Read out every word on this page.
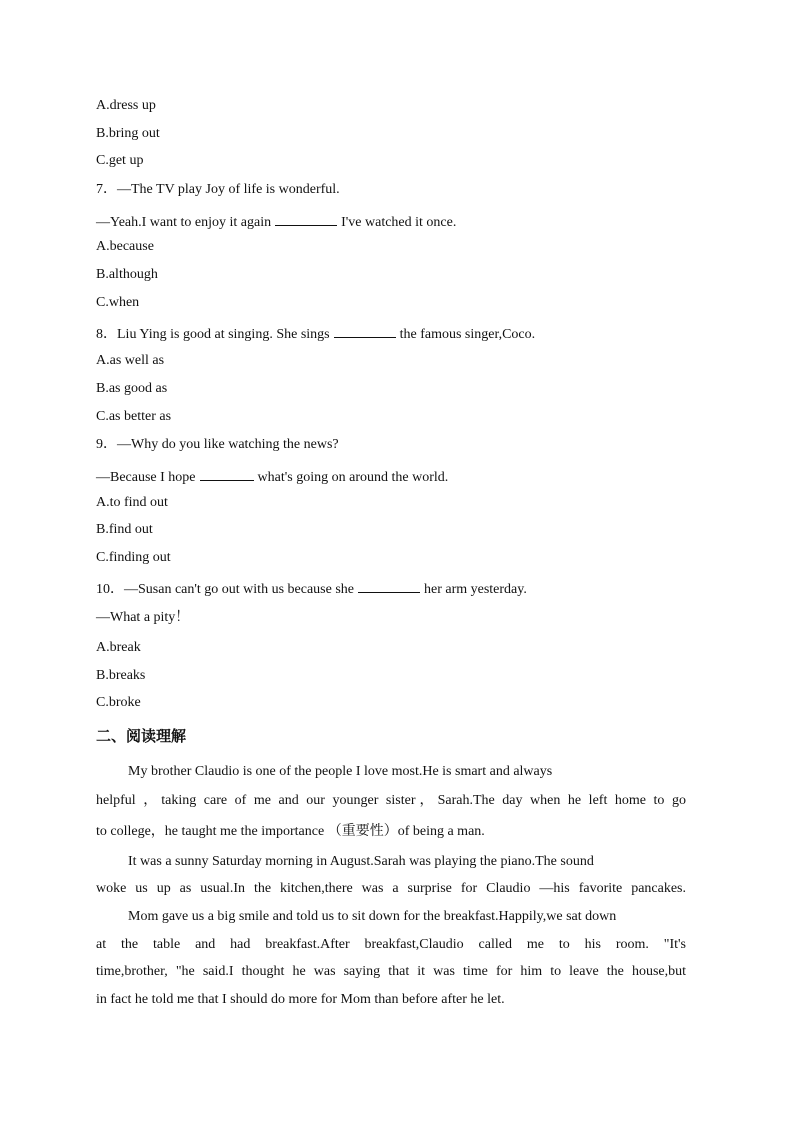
A.dress up
B.bring out
C.get up
7．—The TV play Joy of life is wonderful.
—Yeah.I want to enjoy it again	I've watched it once.
A.because
B.although
C.when
8．Liu Ying is good at singing. She sings	the famous singer,Coco.
A.as well as
B.as good as
C.as better as
9．—Why do you like watching the news?
—Because I hope	what's going on around the world.
A.to find out
B.find out
C.finding out
10．—Susan can't go out with us because she	her arm yesterday.
—What a pity！
A.break
B.breaks
C.broke
二、阅读理解
My brother Claudio is one of the people I love most.He is smart and always
helpful ，taking care of me and our younger sister，Sarah.The day when he left home to go
to college，he taught me the importance （重要性）of being a man.
It was a sunny Saturday morning in August.Sarah was playing the piano.The sound
woke us up as usual.In the kitchen,there was a surprise for Claudio —his favorite pancakes.
Mom gave us a big smile and told us to sit down for the breakfast.Happily,we sat down
at the table and had breakfast.After breakfast,Claudio called me to his room. "It's
time,brother, "he said.I thought he was saying that it was time for him to leave the house,but
in fact he told me that I should do more for Mom than before after he let.
